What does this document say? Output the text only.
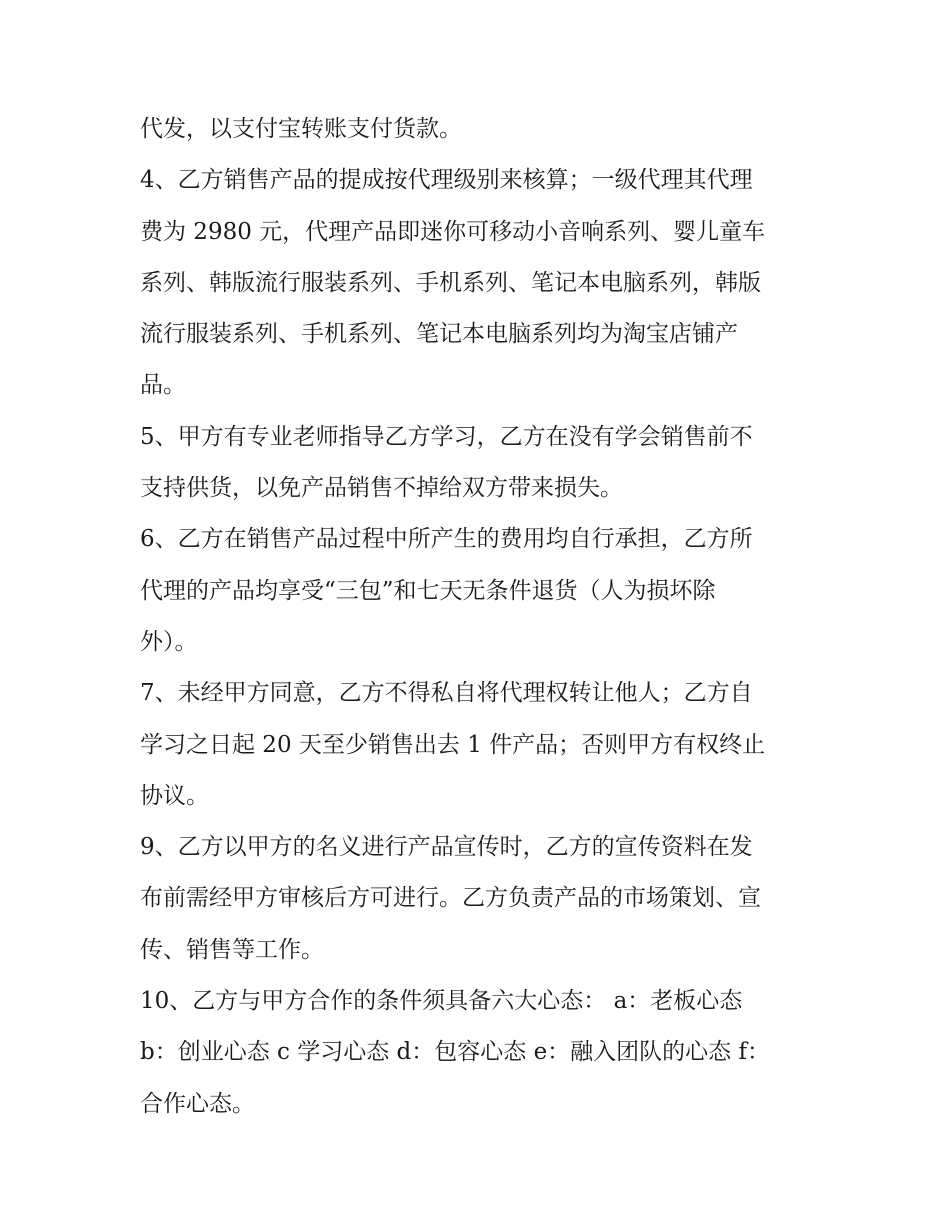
代发，以支付宝转账支付货款。
4、乙方销售产品的提成按代理级别来核算；一级代理其代理
费为 2980 元，代理产品即迷你可移动小音响系列、婴儿童车
系列、韩版流行服装系列、手机系列、笔记本电脑系列，韩版
流行服装系列、手机系列、笔记本电脑系列均为淘宝店铺产
品。
5、甲方有专业老师指导乙方学习，乙方在没有学会销售前不
支持供货，以免产品销售不掉给双方带来损失。
6、乙方在销售产品过程中所产生的费用均自行承担，乙方所
代理的产品均享受“三包”和七天无条件退货（人为损坏除
外）。
7、未经甲方同意，乙方不得私自将代理权转让他人；乙方自
学习之日起 20 天至少销售出去 1 件产品；否则甲方有权终止
协议。
9、乙方以甲方的名义进行产品宣传时，乙方的宣传资料在发
布前需经甲方审核后方可进行。乙方负责产品的市场策划、宣
传、销售等工作。
10、乙方与甲方合作的条件须具备六大心态： a：老板心态
b：创业心态 c 学习心态 d：包容心态 e：融入团队的心态 f：
合作心态。
